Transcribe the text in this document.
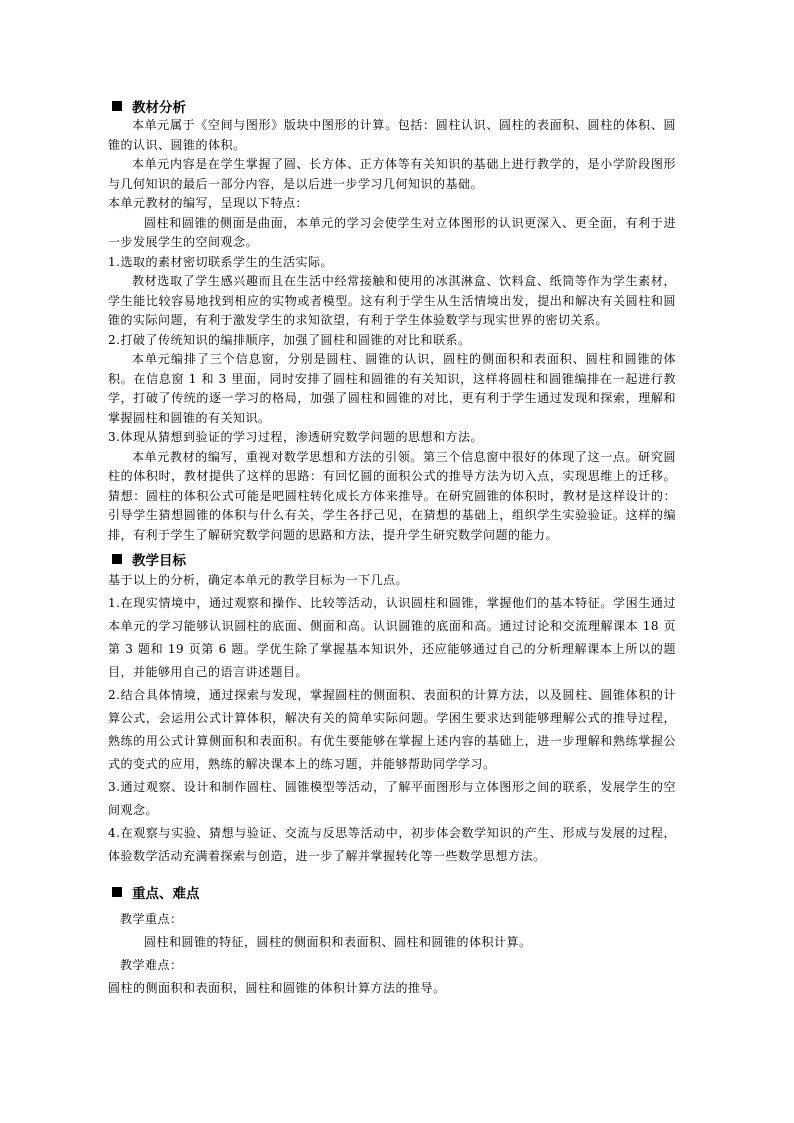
教材分析

本单元属于《空间与图形》版块中图形的计算。包括：圆柱认识、圆柱的表面积、圆柱的体积、圆锥的认识、圆锥的体积。

本单元内容是在学生掌握了圆、长方体、正方体等有关知识的基础上进行教学的，是小学阶段图形与几何知识的最后一部分内容，是以后进一步学习几何知识的基础。

本单元教材的编写，呈现以下特点：

圆柱和圆锥的侧面是曲面，本单元的学习会使学生对立体图形的认识更深入、更全面，有利于进一步发展学生的空间观念。

1.选取的素材密切联系学生的生活实际。

教材选取了学生感兴趣而且在生活中经常接触和使用的冰淇淋盒、饮料盒、纸筒等作为学生素材，学生能比较容易地找到相应的实物或者模型。这有利于学生从生活情境出发，提出和解决有关圆柱和圆锥的实际问题，有利于激发学生的求知欲望，有利于学生体验数学与现实世界的密切关系。

2.打破了传统知识的编排顺序，加强了圆柱和圆锥的对比和联系。

本单元编排了三个信息窗，分别是圆柱、圆锥的认识，圆柱的侧面积和表面积、圆柱和圆锥的体积。在信息窗 1 和 3 里面，同时安排了圆柱和圆锥的有关知识，这样将圆柱和圆锥编排在一起进行教学，打破了传统的逐一学习的格局，加强了圆柱和圆锥的对比，更有利于学生通过发现和探索，理解和掌握圆柱和圆锥的有关知识。

3.体现从猜想到验证的学习过程，渗透研究数学问题的思想和方法。

本单元教材的编写，重视对数学思想和方法的引领。第三个信息窗中很好的体现了这一点。研究圆柱的体积时，教材提供了这样的思路：有回忆圆的面积公式的推导方法为切入点，实现思维上的迁移。猜想：圆柱的体积公式可能是吧圆柱转化成长方体来推导。在研究圆锥的体积时，教材是这样设计的：引导学生猜想圆锥的体积与什么有关，学生各抒己见，在猜想的基础上，组织学生实验验证。这样的编排，有利于学生了解研究数学问题的思路和方法，提升学生研究数学问题的能力。

教学目标

基于以上的分析，确定本单元的教学目标为一下几点。

1.在现实情境中，通过观察和操作、比较等活动，认识圆柱和圆锥，掌握他们的基本特征。学困生通过本单元的学习能够认识圆柱的底面、侧面和高。认识圆锥的底面和高。通过讨论和交流理解课本 18 页第 3 题和 19 页第 6 题。学优生除了掌握基本知识外，还应能够通过自己的分析理解课本上所以的题目，并能够用自己的语言讲述题目。

2.结合具体情境，通过探索与发现，掌握圆柱的侧面积、表面积的计算方法，以及圆柱、圆锥体积的计算公式，会运用公式计算体积，解决有关的简单实际问题。学困生要求达到能够理解公式的推导过程，熟练的用公式计算侧面积和表面积。有优生要能够在掌握上述内容的基础上，进一步理解和熟练掌握公式的变式的应用，熟练的解决课本上的练习题，并能够帮助同学学习。

3.通过观察、设计和制作圆柱、圆锥模型等活动，了解平面图形与立体图形之间的联系，发展学生的空间观念。

4.在观察与实验、猜想与验证、交流与反思等活动中，初步体会数学知识的产生、形成与发展的过程，体验数学活动充满着探索与创造，进一步了解并掌握转化等一些数学思想方法。

重点、难点

教学重点：

圆柱和圆锥的特征，圆柱的侧面积和表面积、圆柱和圆锥的体积计算。

教学难点：

圆柱的侧面积和表面积，圆柱和圆锥的体积计算方法的推导。
